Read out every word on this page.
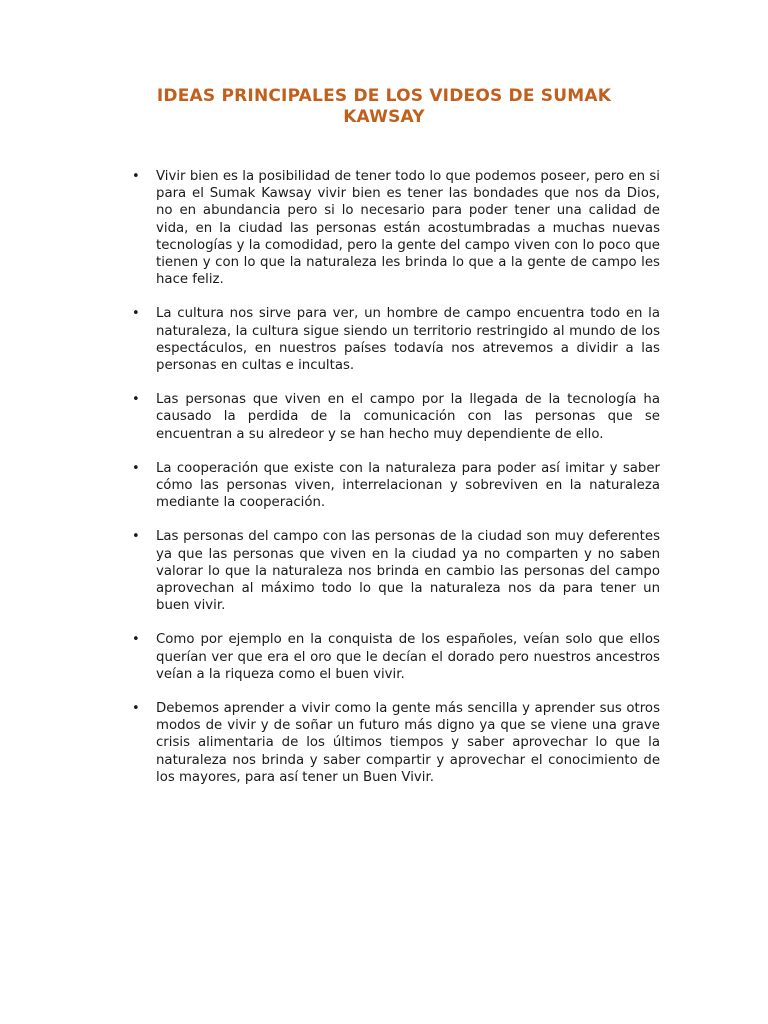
IDEAS PRINCIPALES DE LOS VIDEOS DE SUMAK KAWSAY
• Vivir bien es la posibilidad de tener todo lo que podemos poseer, pero en si para el Sumak Kawsay vivir bien es tener las bondades que nos da Dios, no en abundancia pero si lo necesario para poder tener una calidad de vida, en la ciudad las personas están acostumbradas a muchas nuevas tecnologías y la comodidad, pero la gente del campo viven con lo poco que tienen y con lo que la naturaleza les brinda lo que a la gente de campo les hace feliz.
• La cultura nos sirve para ver, un hombre de campo encuentra todo en la naturaleza, la cultura sigue siendo un territorio restringido al mundo de los espectáculos, en nuestros países todavía nos atrevemos a dividir a las personas en cultas e incultas.
• Las personas que viven en el campo por la llegada de la tecnología ha causado la perdida de la comunicación con las personas que se encuentran a su alredeor y se han hecho muy dependiente de ello.
• La cooperación que existe con la naturaleza para poder así imitar y saber cómo las personas viven, interrelacionan y sobreviven en la naturaleza mediante la cooperación.
• Las personas del campo con las personas de la ciudad son muy deferentes ya que las personas que viven en la ciudad ya no comparten y no saben valorar lo que la naturaleza nos brinda en cambio las personas del campo aprovechan al máximo todo lo que la naturaleza nos da para tener un buen vivir.
• Como por ejemplo en la conquista de los españoles, veían solo que ellos querían ver que era el oro que le decían el dorado pero nuestros ancestros veían a la riqueza como el buen vivir.
• Debemos aprender a vivir como la gente más sencilla y aprender sus otros modos de vivir y de soñar un futuro más digno ya que se viene una grave crisis alimentaria de los últimos tiempos y saber aprovechar lo que la naturaleza nos brinda y saber compartir y aprovechar el conocimiento de los mayores, para así tener un Buen Vivir.
